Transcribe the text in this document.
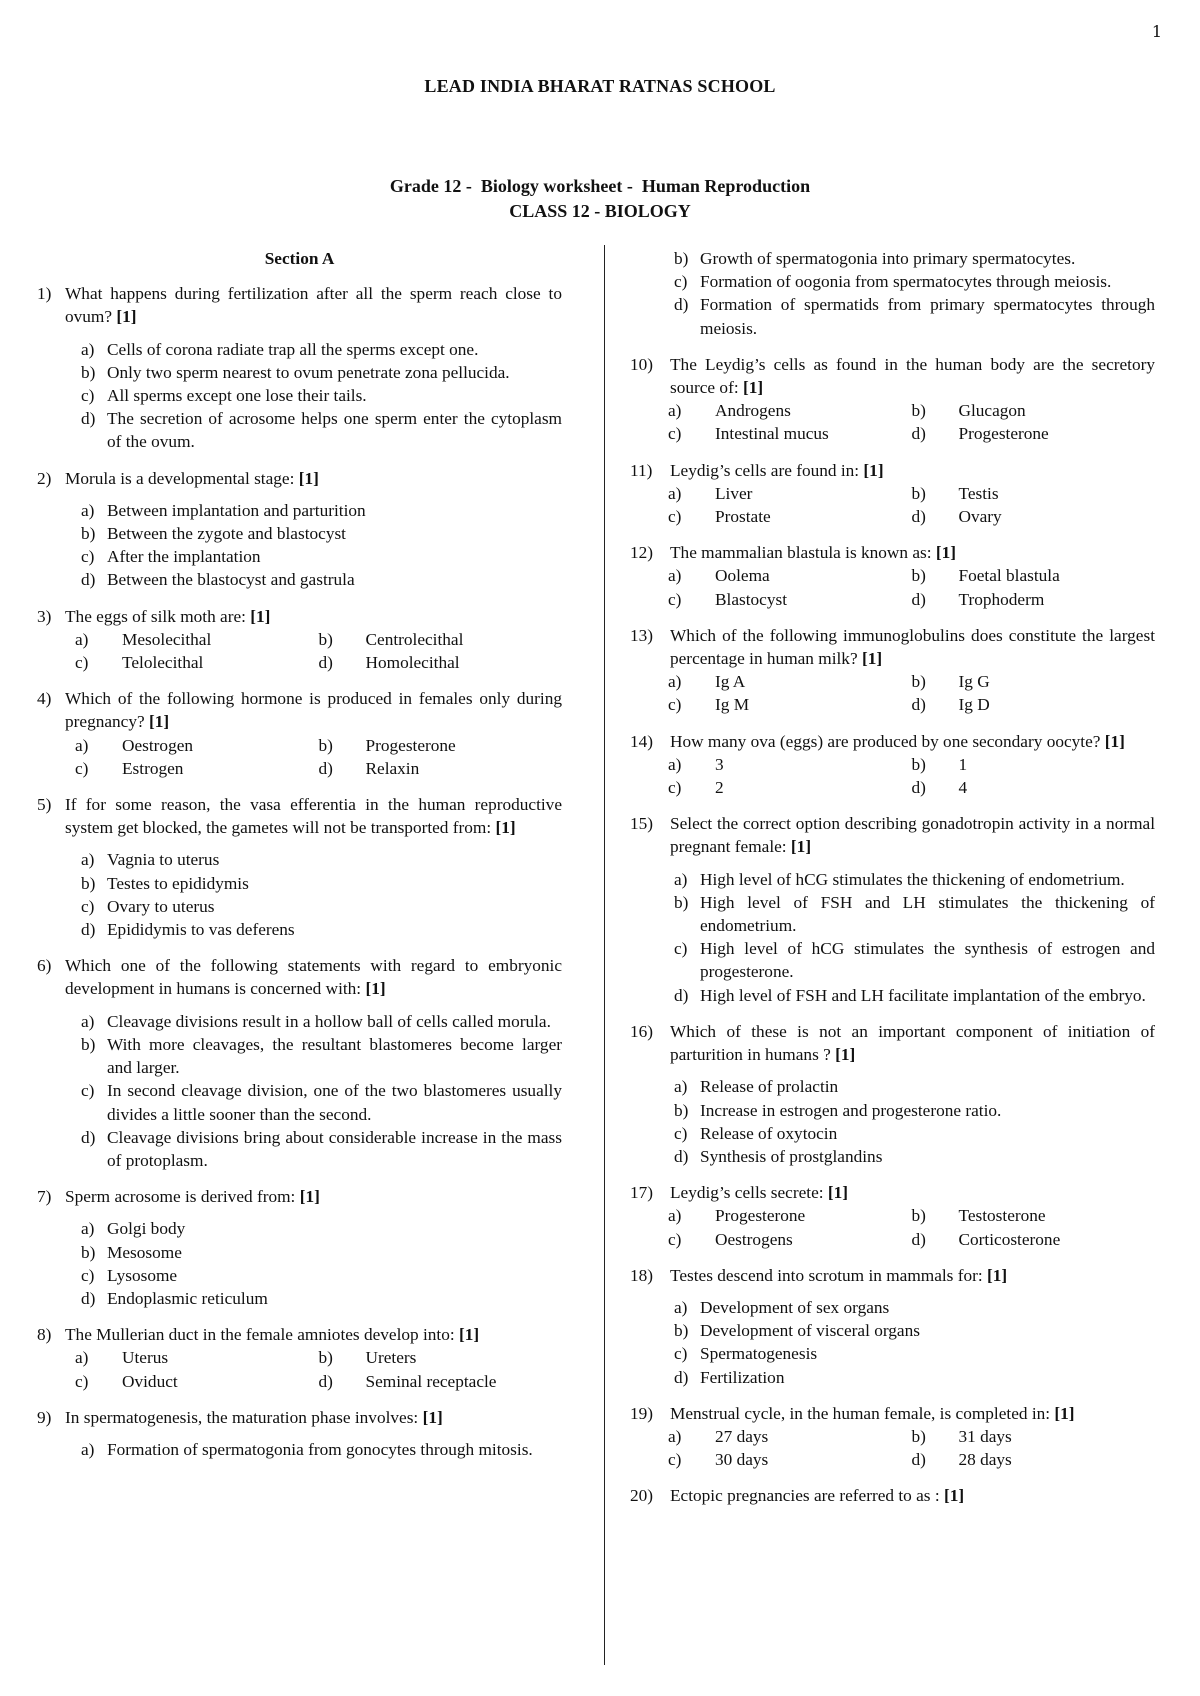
1
LEAD INDIA BHARAT RATNAS SCHOOL
Grade 12 -  Biology worksheet -  Human Reproduction
CLASS 12 - BIOLOGY
Section A
1) What happens during fertilization after all the sperm reach close to ovum? [1]
a) Cells of corona radiate trap all the sperms except one.
b) Only two sperm nearest to ovum penetrate zona pellucida.
c) All sperms except one lose their tails.
d) The secretion of acrosome helps one sperm enter the cytoplasm of the ovum.
2) Morula is a developmental stage: [1]
a) Between implantation and parturition
b) Between the zygote and blastocyst
c) After the implantation
d) Between the blastocyst and gastrula
3) The eggs of silk moth are: [1]
a)	Mesolecithal	b)	Centrolecithal
c)	Telolecithal	d)	Homolecithal
4) Which of the following hormone is produced in females only during pregnancy? [1]
a)	Oestrogen	b)	Progesterone
c)	Estrogen	d)	Relaxin
5) If for some reason, the vasa efferentia in the human reproductive system get blocked, the gametes will not be transported from: [1]
a) Vagnia to uterus
b) Testes to epididymis
c) Ovary to uterus
d) Epididymis to vas deferens
6) Which one of the following statements with regard to embryonic development in humans is concerned with: [1]
a) Cleavage divisions result in a hollow ball of cells called morula.
b) With more cleavages, the resultant blastomeres become larger and larger.
c) In second cleavage division, one of the two blastomeres usually divides a little sooner than the second.
d) Cleavage divisions bring about considerable increase in the mass of protoplasm.
7) Sperm acrosome is derived from: [1]
a) Golgi body
b) Mesosome
c) Lysosome
d) Endoplasmic reticulum
8) The Mullerian duct in the female amniotes develop into: [1]
a)	Uterus	b)	Ureters
c)	Oviduct	d)	Seminal receptacle
9) In spermatogenesis, the maturation phase involves: [1]
a) Formation of spermatogonia from gonocytes through mitosis.
b) Growth of spermatogonia into primary spermatocytes.
c) Formation of oogonia from spermatocytes through meiosis.
d) Formation of spermatids from primary spermatocytes through meiosis.
10) The Leydig’s cells as found in the human body are the secretory source of: [1]
a)	Androgens	b)	Glucagon
c)	Intestinal mucus	d)	Progesterone
11)	Leydig’s cells are found in: [1]
a)	Liver	b)	Testis
c)	Prostate	d)	Ovary
12) The mammalian blastula is known as: [1]
a)	Oolema	b)	Foetal blastula
c)	Blastocyst	d)	Trophoderm
13) Which of the following immunoglobulins does constitute the largest percentage in human milk? [1]
a)	Ig A	b)	Ig G
c)	Ig M	d)	Ig D
14) How many ova (eggs) are produced by one secondary oocyte? [1]
a)	3	b)	1
c)	2	d)	4
15) Select the correct option describing gonadotropin activity in a normal pregnant female: [1]
a) High level of hCG stimulates the thickening of endometrium.
b) High level of FSH and LH stimulates the thickening of endometrium.
c) High level of hCG stimulates the synthesis of estrogen and progesterone.
d) High level of FSH and LH facilitate implantation of the embryo.
16) Which of these is not an important component of initiation of parturition in humans ? [1]
a) Release of prolactin
b) Increase in estrogen and progesterone ratio.
c) Release of oxytocin
d) Synthesis of prostglandins
17) Leydig’s cells secrete: [1]
a)	Progesterone	b)	Testosterone
c)	Oestrogens	d)	Corticosterone
18) Testes descend into scrotum in mammals for: [1]
a) Development of sex organs
b) Development of visceral organs
c) Spermatogenesis
d) Fertilization
19) Menstrual cycle, in the human female, is completed in: [1]
a)	27 days	b)	31 days
c)	30 days	d)	28 days
20) Ectopic pregnancies are referred to as : [1]
